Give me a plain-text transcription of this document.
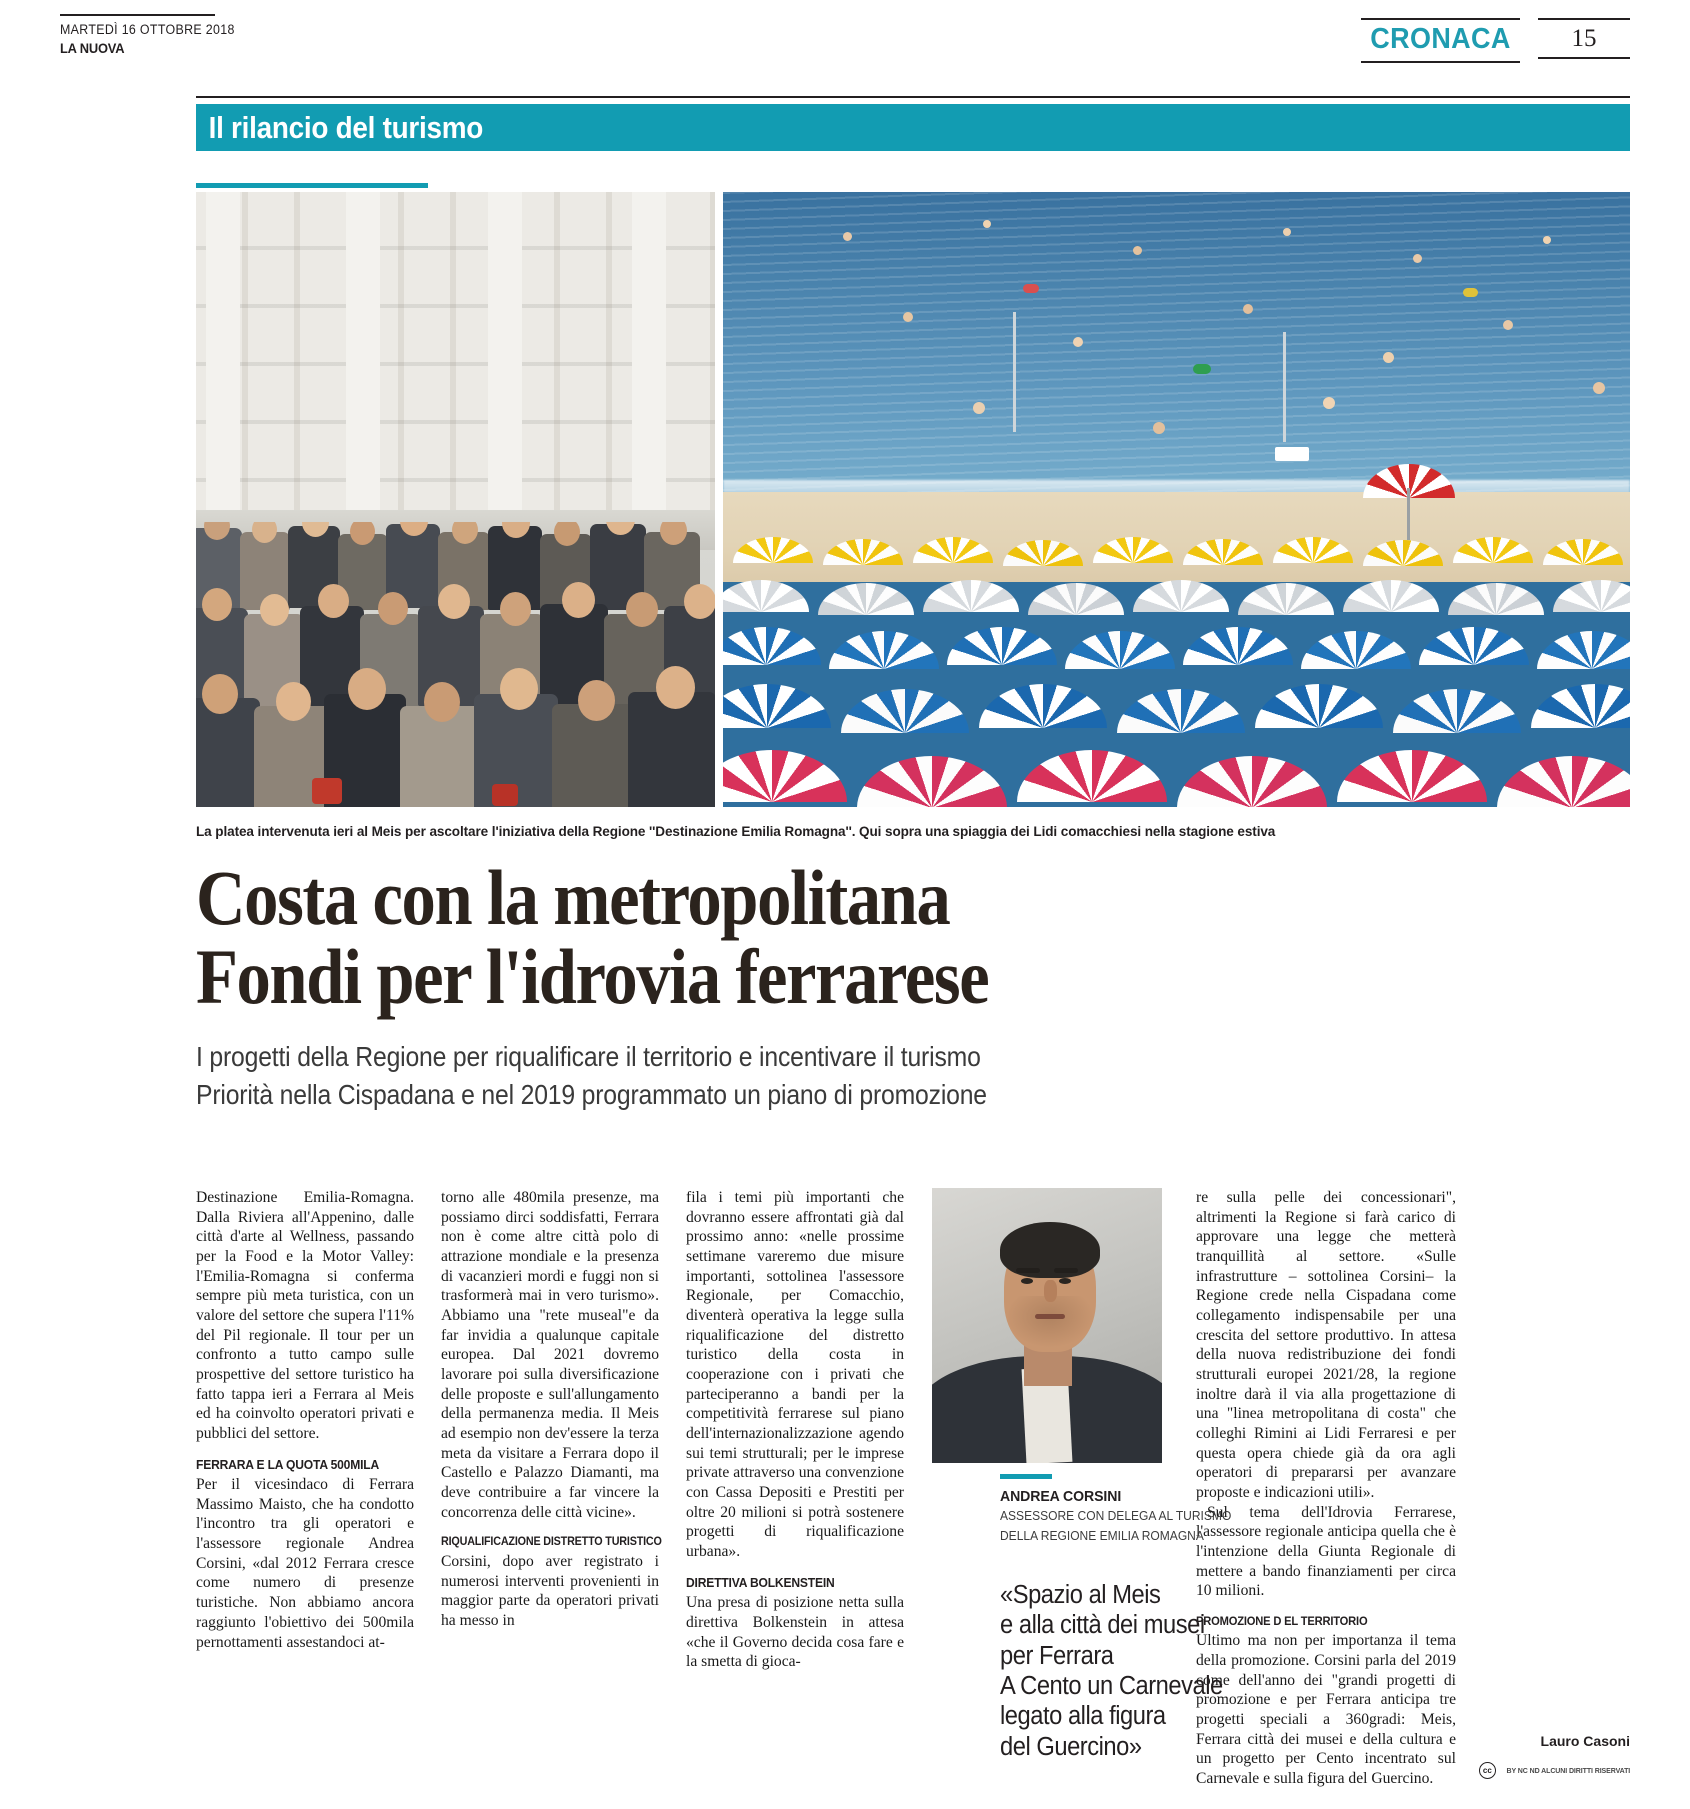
MARTEDÌ 16 OTTOBRE 2018
LA NUOVA	CRONACA	15
Il rilancio del turismo
La platea intervenuta ieri al Meis per ascoltare l'iniziativa della Regione ''Destinazione Emilia Romagna''. Qui sopra una spiaggia dei Lidi comacchiesi nella stagione estiva
Costa con la metropolitana
Fondi per l'idrovia ferrarese
I progetti della Regione per riqualificare il territorio e incentivare il turismo
Priorità nella Cispadana e nel 2019 programmato un piano di promozione

Destinazione Emilia-Romagna. Dalla Riviera all'Appenino, dalle città d'arte al Wellness, passando per la Food e la Motor Valley: l'Emilia-Romagna si conferma sempre più meta turistica, con un valore del settore che supera l'11% del Pil regionale. Il tour per un confronto a tutto campo sulle prospettive del settore turistico ha fatto tappa ieri a Ferrara al Meis ed ha coinvolto operatori privati e pubblici del settore.

FERRARA E LA QUOTA 500MILA

Per il vicesindaco di Ferrara Massimo Maisto, che ha condotto l'incontro tra gli operatori e l'assessore regionale Andrea Corsini, «dal 2012 Ferrara cresce come numero di presenze turistiche. Non abbiamo ancora raggiunto l'obiettivo dei 500mila pernottamenti assestandoci at-

torno alle 480mila presenze, ma possiamo dirci soddisfatti, Ferrara non è come altre città polo di attrazione mondiale e la presenza di vacanzieri mordi e fuggi non si trasformerà mai in vero turismo». Abbiamo una "rete museal"e da far invidia a qualunque capitale europea. Dal 2021 dovremo lavorare poi sulla diversificazione delle proposte e sull'allungamento della permanenza media. Il Meis ad esempio non dev'essere la terza meta da visitare a Ferrara dopo il Castello e Palazzo Diamanti, ma deve contribuire a far vincere la concorrenza delle città vicine».

RIQUALIFICAZIONE DISTRETTO TURISTICO

Corsini, dopo aver registrato i numerosi interventi provenienti in maggior parte da operatori privati ha messo in

fila i temi più importanti che dovranno essere affrontati già dal prossimo anno: «nelle prossime settimane vareremo due misure importanti, sottolinea l'assessore Regionale, per Comacchio, diventerà operativa la legge sulla riqualificazione del distretto turistico della costa in cooperazione con i privati che parteciperanno a bandi per la competitività ferrarese sul piano dell'internazionalizzazione agendo sui temi strutturali; per le imprese private attraverso una convenzione con Cassa Depositi e Prestiti per oltre 20 milioni si potrà sostenere progetti di riqualificazione urbana».

DIRETTIVA BOLKENSTEIN

Una presa di posizione netta sulla direttiva Bolkenstein in attesa «che il Governo decida cosa fare e la smetta di gioca-

re sulla pelle dei concessionari", altrimenti la Regione si farà carico di approvare una legge che metterà tranquillità al settore. «Sulle infrastrutture – sottolinea Corsini– la Regione crede nella Cispadana come collegamento indispensabile per una crescita del settore produttivo. In attesa della nuova redistribuzione dei fondi strutturali europei 2021/28, la regione inoltre darà il via alla progettazione di una "linea metropolitana di costa" che colleghi Rimini ai Lidi Ferraresi e per questa opera chiede già da ora agli operatori di prepararsi per avanzare proposte e indicazioni utili».

Sul tema dell'Idrovia Ferrarese, l'assessore regionale anticipa quella che è l'intenzione della Giunta Regionale di mettere a bando finanziamenti per circa 10 milioni.

PROMOZIONE D EL TERRITORIO

Ultimo ma non per importanza il tema della promozione. Corsini parla del 2019 come dell'anno dei "grandi progetti di promozione e per Ferrara anticipa tre progetti speciali a 360gradi: Meis, Ferrara città dei musei e della cultura e un progetto per Cento incentrato sul Carnevale e sulla figura del Guercino.

ANDREA CORSINI
ASSESSORE CON DELEGA AL TURISMO
DELLA REGIONE EMILIA ROMAGNA
«Spazio al Meis
e alla città dei musei
per Ferrara
A Cento un Carnevale
legato alla figura
del Guercino»	Lauro Casoni
cc	BY NC ND ALCUNI DIRITTI RISERVATI
